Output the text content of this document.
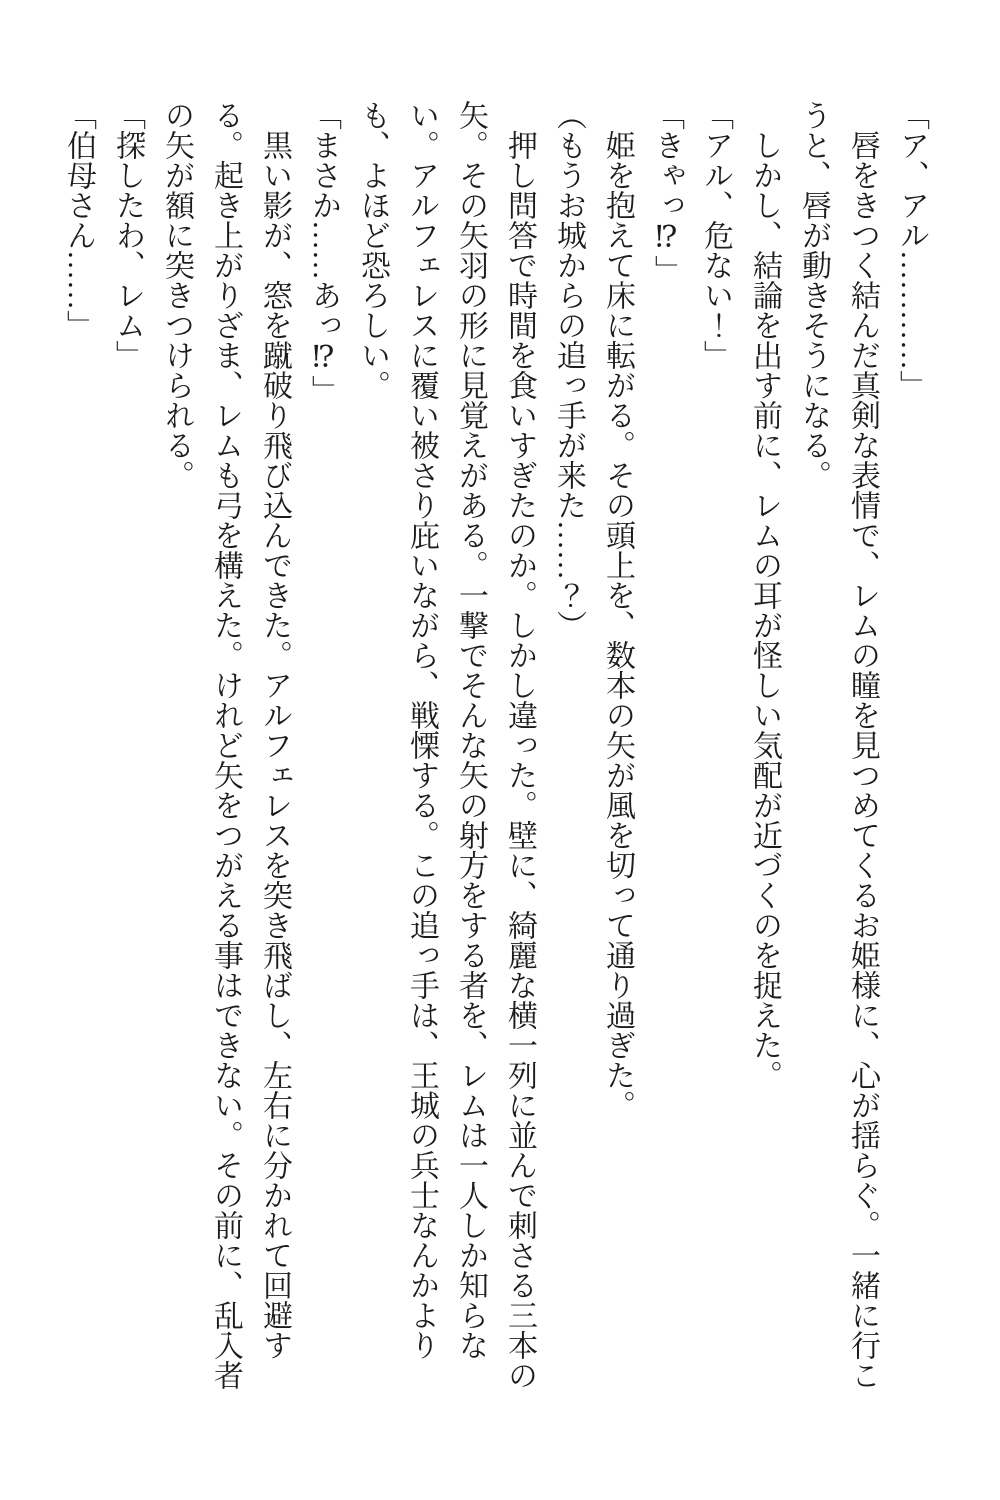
「ア、アル…………」

　唇をきつく結んだ真剣な表情で、レムの瞳を見つめてくるお姫様に、心が揺らぐ。一緒に行こ

うと、唇が動きそうになる。

　しかし、結論を出す前に、レムの耳が怪しい気配が近づくのを捉えた。

「アル、危ない！」

「きゃっ⁉」

　姫を抱えて床に転がる。その頭上を、数本の矢が風を切って通り過ぎた。

（もうお城からの追っ手が来た……？）

　押し問答で時間を食いすぎたのか。しかし違った。壁に、綺麗な横一列に並んで刺さる三本の

矢。その矢羽の形に見覚えがある。一撃でそんな矢の射方をする者を、レムは一人しか知らな

い。アルフェレスに覆い被さり庇いながら、戦慄する。この追っ手は、王城の兵士なんかより

も、よほど恐ろしい。

「まさか……あっ⁉」

　黒い影が、窓を蹴破り飛び込んできた。アルフェレスを突き飛ばし、左右に分かれて回避す

る。起き上がりざま、レムも弓を構えた。けれど矢をつがえる事はできない。その前に、乱入者

の矢が額に突きつけられる。

「探したわ、レム」

「伯母さん……」
